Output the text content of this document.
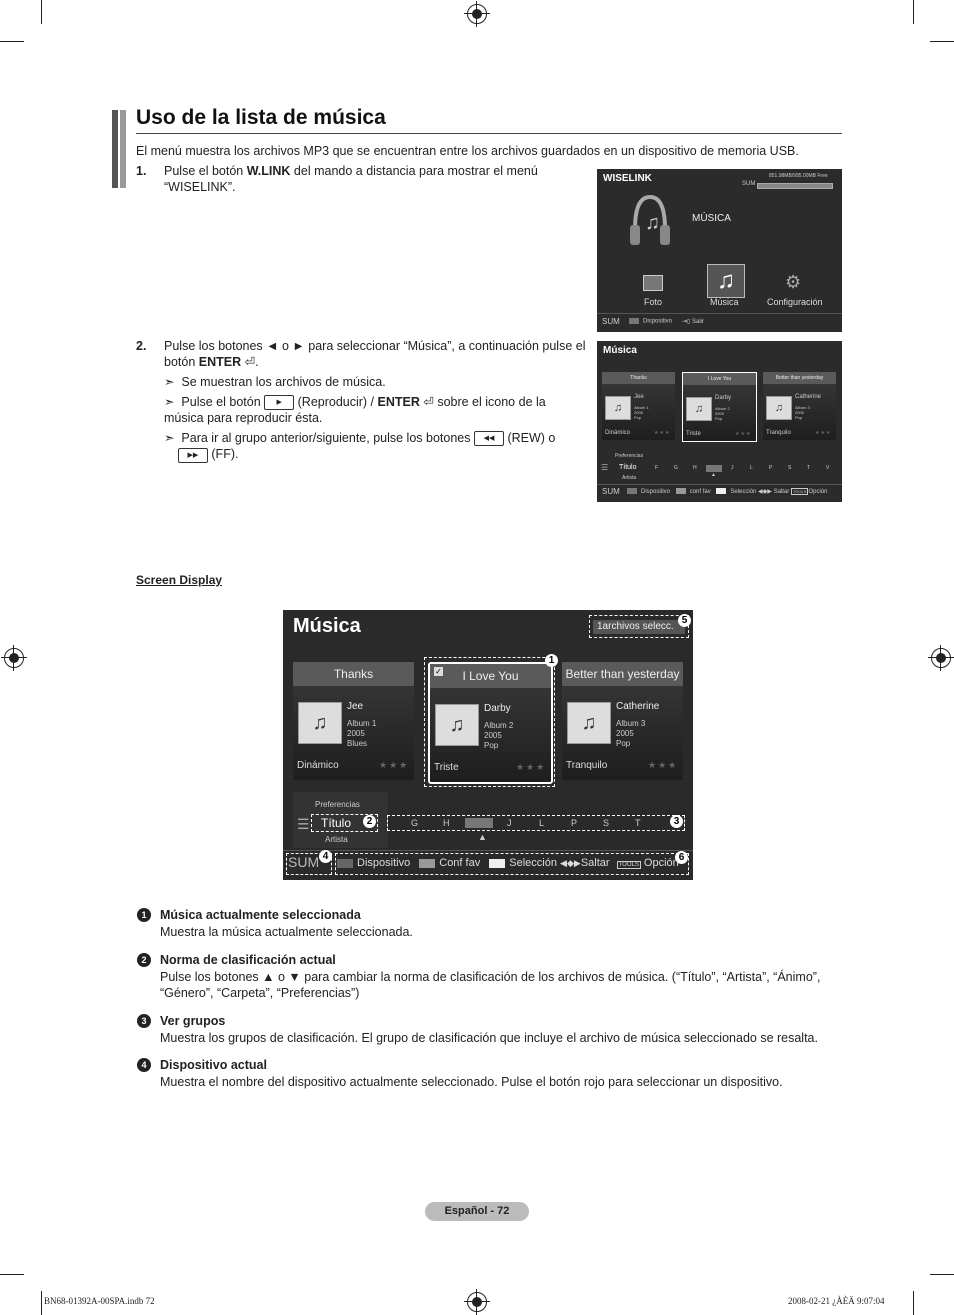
Uso de la lista de música
El menú muestra los archivos MP3 que se encuentran entre los archivos guardados en un dispositivo de memoria USB.
1. Pulse el botón W.LINK del mando a distancia para mostrar el menú “WISELINK”.
WISELINK	851.98MB/995.00MB Free
SUM
♫	MÚSICA
♫	⚙
Foto	Música	Configuración
SUM	Dispositivo ⇥▯ Salir
2. Pulse los botones ◄ o ► para seleccionar “Música”, a continuación pulse el botón ENTER ⏎.
➣  Se muestran los archivos de música.
➣  Pulse el botón ▶ (Reproducir) / ENTER ⏎ sobre el icono de la música para reproducir ésta.
➣  Para ir al grupo anterior/siguiente, pulse los botones ◀◀ (REW) o
▶▶ (FF).
Música
Preferencias
Título
Artista
☰	F	G	H	J	L	P	S	T	V
▲
SUM	Dispositivo	conf fav	Selección ◀◆▶ Saltar TOOLS Opción
Thanks
♫
Jee
Album 1
2005
Pop
Dinámico	★★★
I Love You
♫
Darby
Album 2
2005
Pop
Triste	★★★
Better than yesterday
♫
Catherine
Album 3
2005
Pop
Tranquilo	★★★
Screen Display
Música	1archivos selecc.
5
Preferencias
☰ Título	2
Artista
G	H	J	L	P	S	T	3
▲
SUM 4	6
Dispositivo	Conf fav	Selección ◀◆▶Saltar TOOLS Opción
Thanks
♫
Jee
Album 1
2005
Blues
Dinámico	★★★
I Love You
✓
♫
Darby
Album 2
2005
Pop
Triste	★★★
1
Better than yesterday
♫
Catherine
Album 3
2005
Pop
Tranquilo	★★★
Español - 72
BN68-01392A-00SPA.indb 72	2008-02-21 ¿ÀÈÄ 9:07:04
1	Música actualmente seleccionada
Muestra la música actualmente seleccionada.
2	Norma de clasificación actual
Pulse los botones ▲ o ▼ para cambiar la norma de clasificación de los archivos de música. (“Título”, “Artista”, “Ánimo”, “Género”, “Carpeta”, “Preferencias”)
3	Ver grupos
Muestra los grupos de clasificación. El grupo de clasificación que incluye el archivo de música seleccionado se resalta.
4	Dispositivo actual
Muestra el nombre del dispositivo actualmente seleccionado. Pulse el botón rojo para seleccionar un dispositivo.
